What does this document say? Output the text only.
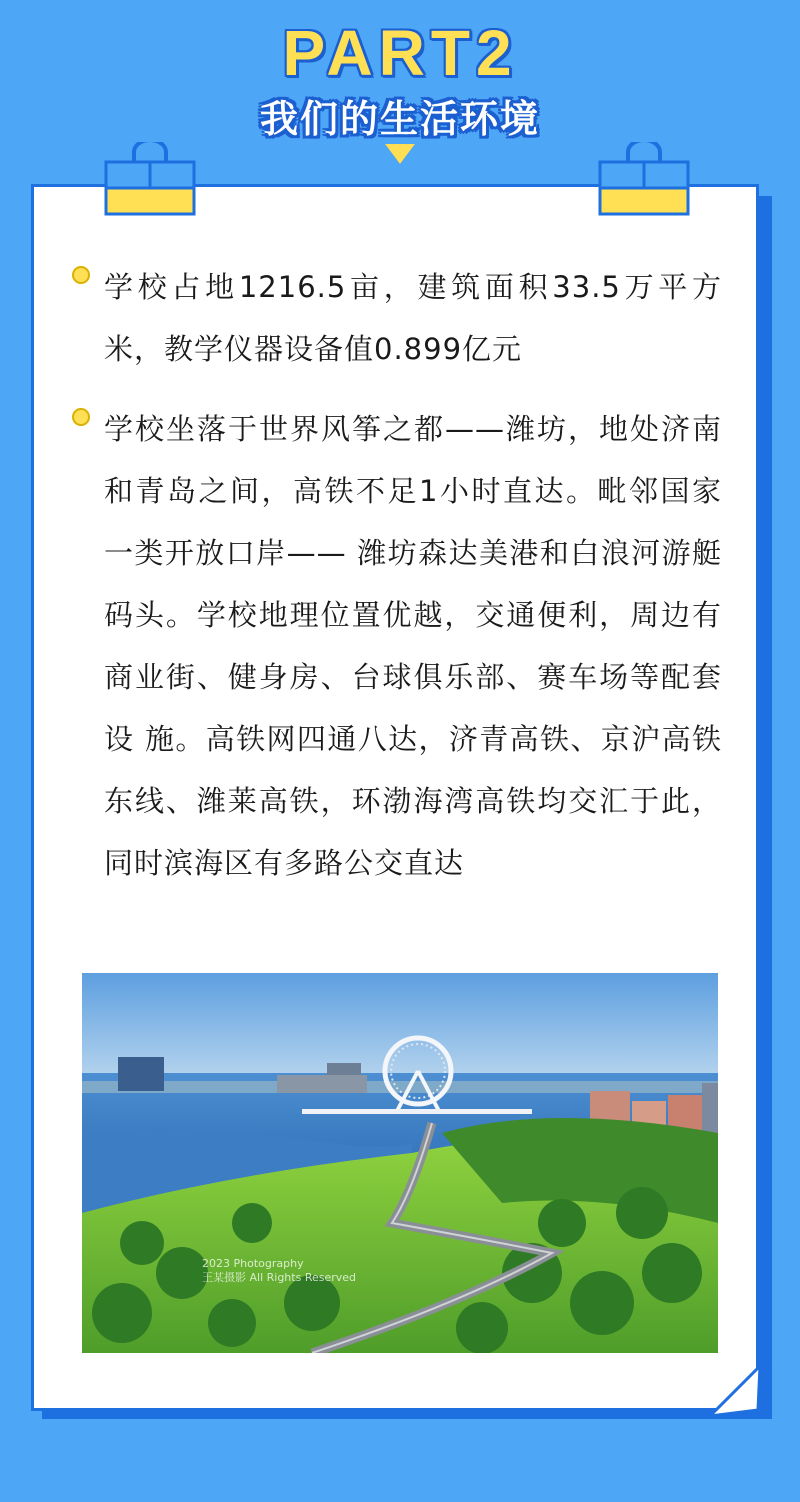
PART2
我们的生活环境
学校占地1216.5亩，建筑面积33.5万平方米，教学仪器设备值0.899亿元
学校坐落于世界风筝之都——潍坊，地处济南和青岛之间，高铁不足1小时直达。毗邻国家一类开放口岸—— 潍坊森达美港和白浪河游艇码头。学校地理位置优越，交通便利，周边有商业街、健身房、台球俱乐部、赛车场等配套设 施。高铁网四通八达，济青高铁、京沪高铁东线、潍莱高铁，环渤海湾高铁均交汇于此，同时滨海区有多路公交直达
2023 Photography
王某摄影 All Rights Reserved
